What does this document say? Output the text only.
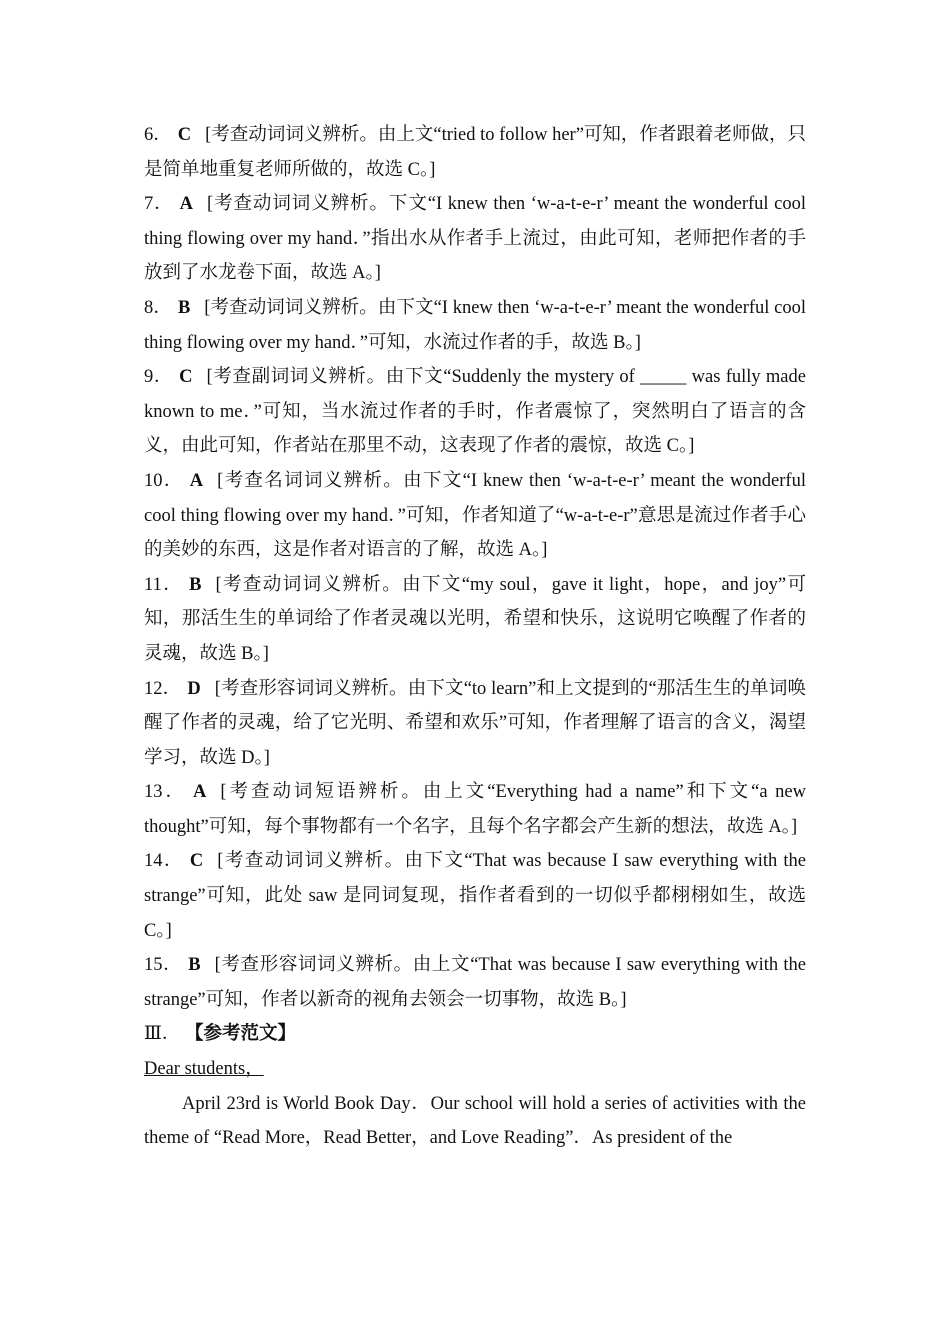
6． C [考查动词词义辨析。由上文“tried to follow her”可知，作者跟着老师做，只是简单地重复老师所做的，故选 C。]

7． A [考查动词词义辨析。下文“I knew then ‘w-a-t-e-r’ meant the wonderful cool thing flowing over my hand．”指出水从作者手上流过，由此可知，老师把作者的手放到了水龙卷下面，故选 A。]

8． B [考查动词词义辨析。由下文“I knew then ‘w-a-t-e-r’ meant the wonderful cool thing flowing over my hand．”可知，水流过作者的手，故选 B。]

9． C [考查副词词义辨析。由下文“Suddenly the mystery of _____ was fully made known to me．”可知，当水流过作者的手时，作者震惊了，突然明白了语言的含义，由此可知，作者站在那里不动，这表现了作者的震惊，故选 C。]

10． A [考查名词词义辨析。由下文“I knew then ‘w-a-t-e-r’ meant the wonderful cool thing flowing over my hand．”可知，作者知道了“w-a-t-e-r”意思是流过作者手心的美妙的东西，这是作者对语言的了解，故选 A。]

11． B [考查动词词义辨析。由下文“my soul，gave it light，hope，and joy”可知，那活生生的单词给了作者灵魂以光明，希望和快乐，这说明它唤醒了作者的灵魂，故选 B。]

12． D [考查形容词词义辨析。由下文“to learn”和上文提到的“那活生生的单词唤醒了作者的灵魂，给了它光明、希望和欢乐”可知，作者理解了语言的含义，渴望学习，故选 D。]

13． A [考查动词短语辨析。由上文“Everything had a name”和下文“a new thought”可知，每个事物都有一个名字，且每个名字都会产生新的想法，故选 A。]

14． C [考查动词词义辨析。由下文“That was because I saw everything with the strange”可知，此处 saw 是同词复现，指作者看到的一切似乎都栩栩如生，故选 C。]

15． B [考查形容词词义辨析。由上文“That was because I saw everything with the strange”可知，作者以新奇的视角去领会一切事物，故选 B。]

Ⅲ． 【参考范文】

Dear students，

April 23rd is World Book Day．Our school will hold a series of activities with the theme of “Read More，Read Better，and Love Reading”．As president of the
